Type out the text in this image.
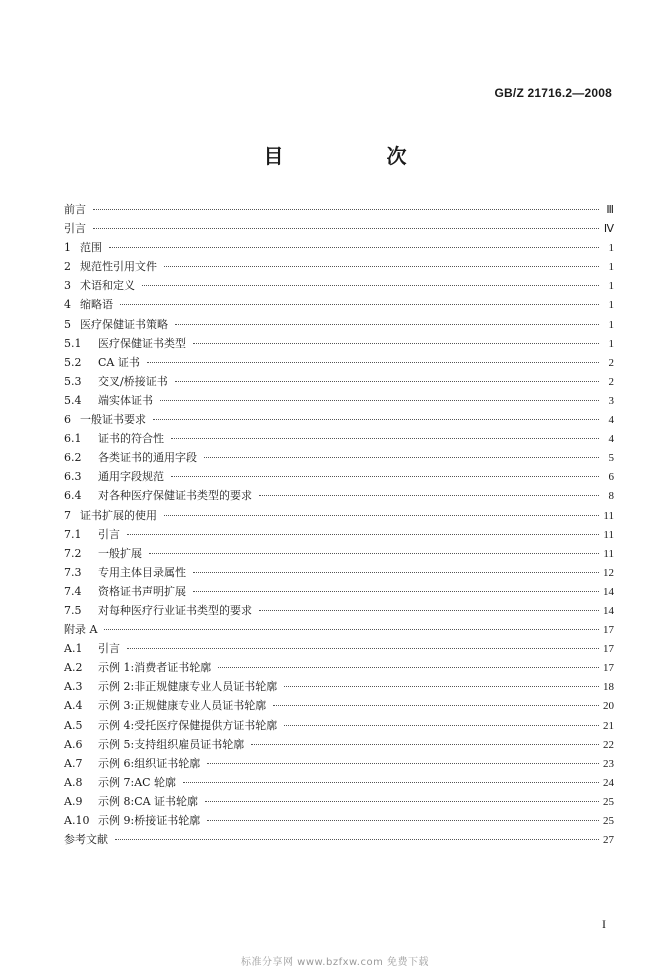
GB/Z 21716.2—2008
目 次
前言	Ⅲ
引言	Ⅳ
1 范围	1
2 规范性引用文件	1
3 术语和定义	1
4 缩略语	1
5 医疗保健证书策略	1
5.1	医疗保健证书类型	1
5.2	CA 证书	2
5.3	交叉/桥接证书	2
5.4	端实体证书	3
6 一般证书要求	4
6.1	证书的符合性	4
6.2	各类证书的通用字段	5
6.3	通用字段规范	6
6.4	对各种医疗保健证书类型的要求	8
7 证书扩展的使用	11
7.1	引言	11
7.2	一般扩展	11
7.3	专用主体目录属性	12
7.4	资格证书声明扩展	14
7.5	对每种医疗行业证书类型的要求	14
附录 A	17
A.1	引言	17
A.2	示例 1:消费者证书轮廓	17
A.3	示例 2:非正规健康专业人员证书轮廓	18
A.4	示例 3:正规健康专业人员证书轮廓	20
A.5	示例 4:受托医疗保健提供方证书轮廓	21
A.6	示例 5:支持组织雇员证书轮廓	22
A.7	示例 6:组织证书轮廓	23
A.8	示例 7:AC 轮廓	24
A.9	示例 8:CA 证书轮廓	25
A.10 示例 9:桥接证书轮廓	25
参考文献	27
I
标准分享网 www.bzfxw.com 免费下载
